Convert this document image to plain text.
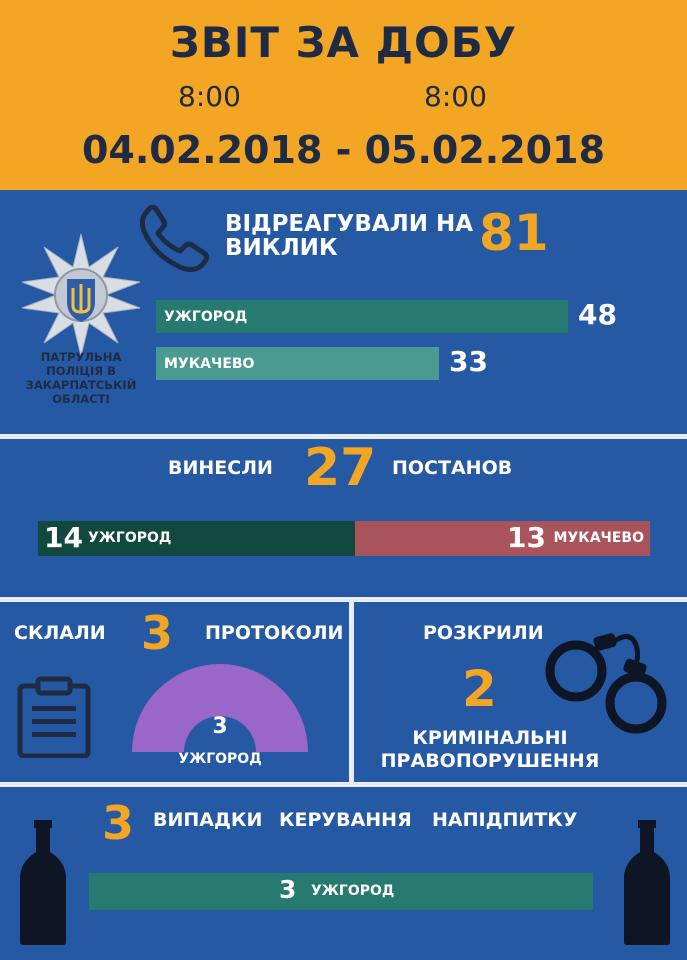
ЗВІТ ЗА ДОБУ
8:00	8:00
04.02.2018 - 05.02.2018
ПАТРУЛЬНА ПОЛІЦІЯ В ЗАКАРПАТСЬКІЙ ОБЛАСТІ
ВІДРЕАГУВАЛИ НА ВИКЛИК	81
УЖГОРОД	48
МУКАЧЕВО	33
ВИНЕСЛИ 27 ПОСТАНОВ
14 УЖГОРОД	13 МУКАЧЕВО
СКЛАЛИ 3 ПРОТОКОЛИ
3
УЖГОРОД
РОЗКРИЛИ
2
КРИМІНАЛЬНІ
ПРАВОПОРУШЕННЯ
3 ВИПАДКИ КЕРУВАННЯ НАПІДПИТКУ
3 УЖГОРОД
